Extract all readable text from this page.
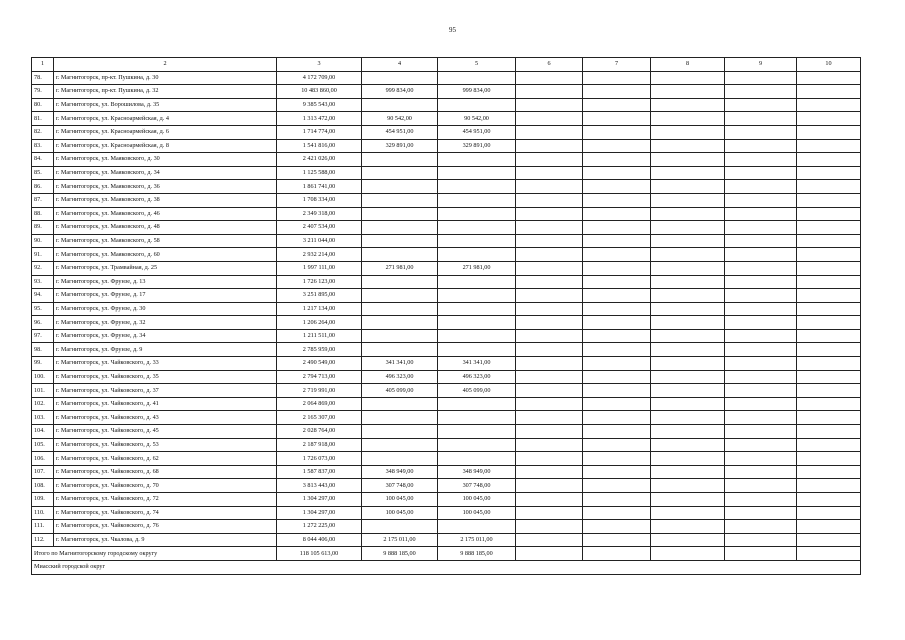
95
1	2	3	4	5	6	7	8	9	10
78.	г. Магнитогорск, пр-кт. Пушкина, д. 30	4 172 709,00							
79.	г. Магнитогорск, пр-кт. Пушкина, д. 32	10 483 860,00	999 834,00	999 834,00					
80.	г. Магнитогорск, ул. Ворошилова, д. 35	9 385 543,00							
81.	г. Магнитогорск, ул. Красноармейская, д. 4	1 313 472,00	90 542,00	90 542,00					
82.	г. Магнитогорск, ул. Красноармейская, д. 6	1 714 774,00	454 951,00	454 951,00					
83.	г. Магнитогорск, ул. Красноармейская, д. 8	1 541 816,00	329 891,00	329 891,00					
84.	г. Магнитогорск, ул. Маяковского, д. 30	2 421 026,00							
85.	г. Магнитогорск, ул. Маяковского, д. 34	1 125 588,00							
86.	г. Магнитогорск, ул. Маяковского, д. 36	1 861 741,00							
87.	г. Магнитогорск, ул. Маяковского, д. 38	1 708 334,00							
88.	г. Магнитогорск, ул. Маяковского, д. 46	2 349 318,00							
89.	г. Магнитогорск, ул. Маяковского, д. 48	2 407 534,00							
90.	г. Магнитогорск, ул. Маяковского, д. 58	3 211 044,00							
91.	г. Магнитогорск, ул. Маяковского, д. 60	2 932 214,00							
92.	г. Магнитогорск, ул. Трамвайная, д. 25	1 997 111,00	271 981,00	271 981,00					
93.	г. Магнитогорск, ул. Фрунзе, д. 13	1 726 123,00							
94.	г. Магнитогорск, ул. Фрунзе, д. 17	3 251 895,00							
95.	г. Магнитогорск, ул. Фрунзе, д. 30	1 217 134,00							
96.	г. Магнитогорск, ул. Фрунзе, д. 32	1 206 264,00							
97.	г. Магнитогорск, ул. Фрунзе, д. 34	1 211 511,00							
98.	г. Магнитогорск, ул. Фрунзе, д. 9	2 785 959,00							
99.	г. Магнитогорск, ул. Чайковского, д. 33	2 490 549,00	341 341,00	341 341,00					
100.	г. Магнитогорск, ул. Чайковского, д. 35	2 794 713,00	496 323,00	496 323,00					
101.	г. Магнитогорск, ул. Чайковского, д. 37	2 719 991,00	405 099,00	405 099,00					
102.	г. Магнитогорск, ул. Чайковского, д. 41	2 064 869,00							
103.	г. Магнитогорск, ул. Чайковского, д. 43	2 165 307,00							
104.	г. Магнитогорск, ул. Чайковского, д. 45	2 028 764,00							
105.	г. Магнитогорск, ул. Чайковского, д. 53	2 187 918,00							
106.	г. Магнитогорск, ул. Чайковского, д. 62	1 726 073,00							
107.	г. Магнитогорск, ул. Чайковского, д. 68	1 587 837,00	348 949,00	348 949,00					
108.	г. Магнитогорск, ул. Чайковского, д. 70	3 813 443,00	307 748,00	307 748,00					
109.	г. Магнитогорск, ул. Чайковского, д. 72	1 304 297,00	100 045,00	100 045,00					
110.	г. Магнитогорск, ул. Чайковского, д. 74	1 304 297,00	100 045,00	100 045,00					
111.	г. Магнитогорск, ул. Чайковского, д. 76	1 272 225,00							
112.	г. Магнитогорск, ул. Чкалова, д. 9	8 044 406,00	2 175 011,00	2 175 011,00					
Итого по Магнитогорскому городскому округу		118 105 613,00	9 888 185,00	9 888 185,00					
Миасский городской округ									
